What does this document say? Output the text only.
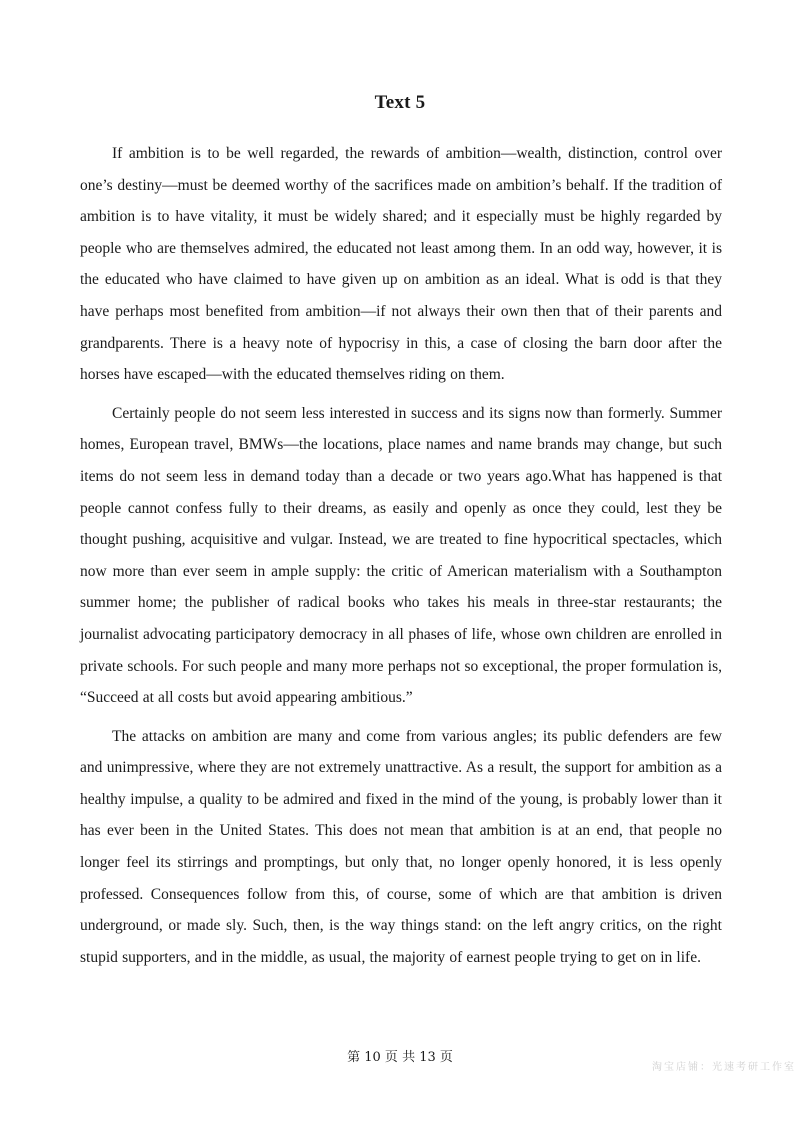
Text 5

If ambition is to be well regarded, the rewards of ambition—wealth, distinction, control over one’s destiny—must be deemed worthy of the sacrifices made on ambition’s behalf. If the tradition of ambition is to have vitality, it must be widely shared; and it especially must be highly regarded by people who are themselves admired, the educated not least among them. In an odd way, however, it is the educated who have claimed to have given up on ambition as an ideal. What is odd is that they have perhaps most benefited from ambition—if not always their own then that of their parents and grandparents. There is a heavy note of hypocrisy in this, a case of closing the barn door after the horses have escaped—with the educated themselves riding on them.

Certainly people do not seem less interested in success and its signs now than formerly. Summer homes, European travel, BMWs—the locations, place names and name brands may change, but such items do not seem less in demand today than a decade or two years ago.What has happened is that people cannot confess fully to their dreams, as easily and openly as once they could, lest they be thought pushing, acquisitive and vulgar. Instead, we are treated to fine hypocritical spectacles, which now more than ever seem in ample supply: the critic of American materialism with a Southampton summer home; the publisher of radical books who takes his meals in three-star restaurants; the journalist advocating participatory democracy in all phases of life, whose own children are enrolled in private schools. For such people and many more perhaps not so exceptional, the proper formulation is, “Succeed at all costs but avoid appearing ambitious.”

The attacks on ambition are many and come from various angles; its public defenders are few and unimpressive, where they are not extremely unattractive. As a result, the support for ambition as a healthy impulse, a quality to be admired and fixed in the mind of the young, is probably lower than it has ever been in the United States. This does not mean that ambition is at an end, that people no longer feel its stirrings and promptings, but only that, no longer openly honored, it is less openly professed. Consequences follow from this, of course, some of which are that ambition is driven underground, or made sly. Such, then, is the way things stand: on the left angry critics, on the right stupid supporters, and in the middle, as usual, the majority of earnest people trying to get on in life.

第 10 页 共 13 页
淘宝店铺：光速考研工作室
